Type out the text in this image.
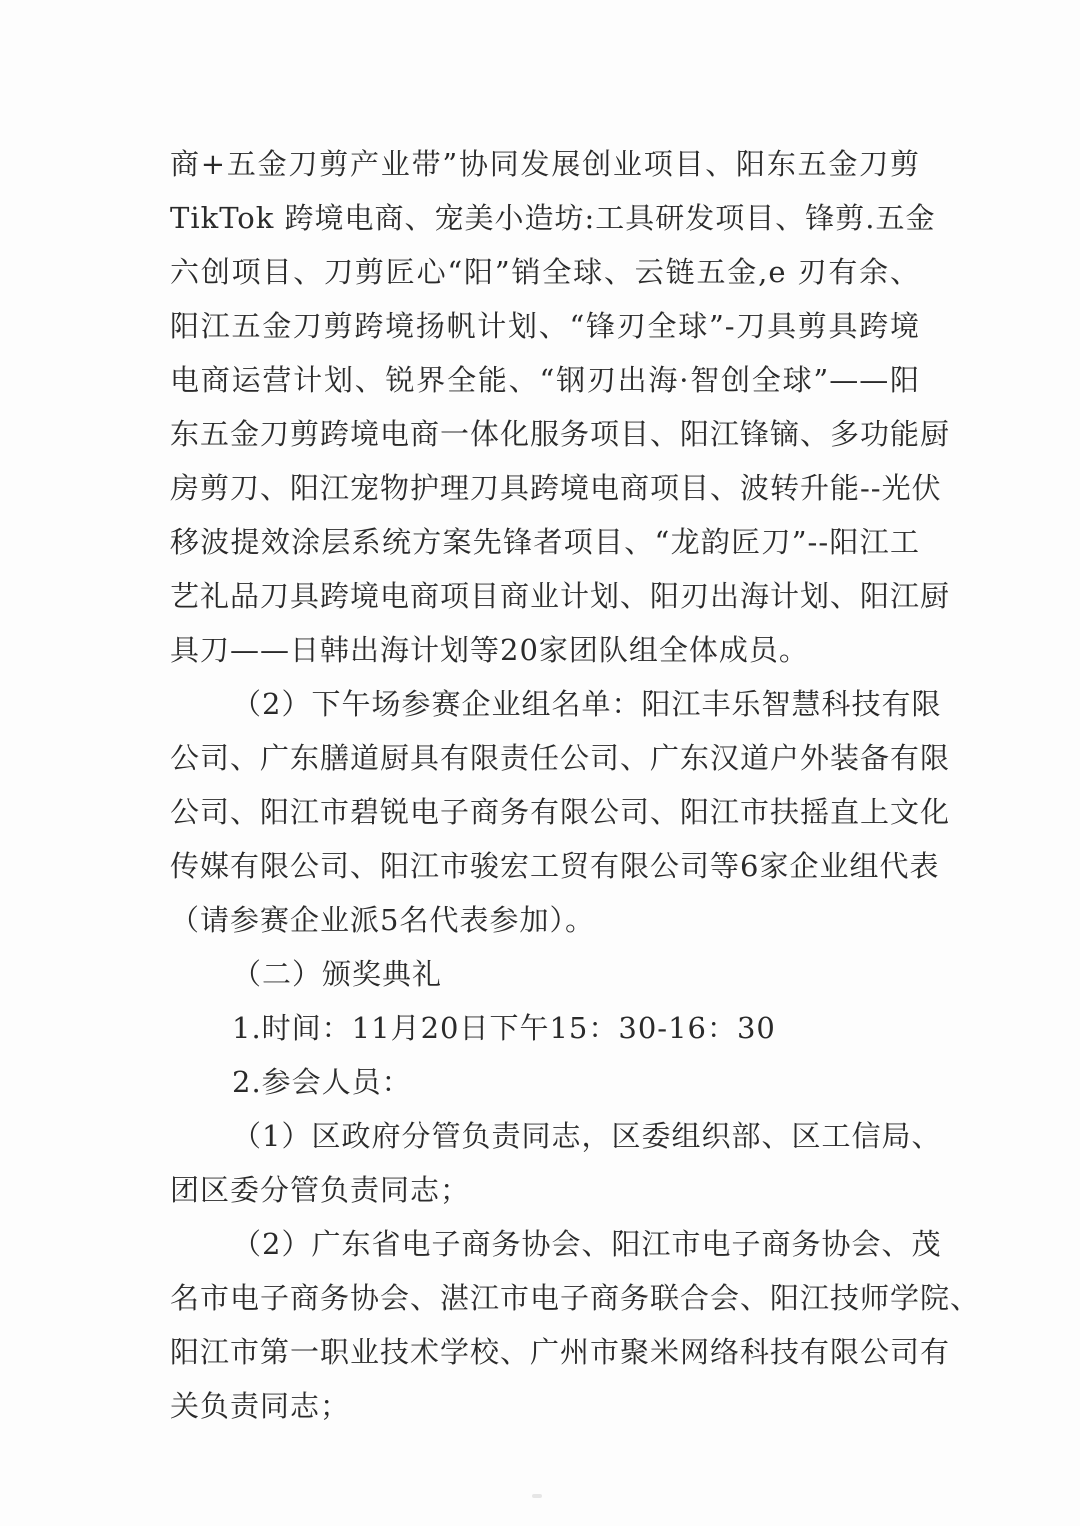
商+五金刀剪产业带”协同发展创业项目、阳东五金刀剪
TikTok 跨境电商、宠美小造坊:工具研发项目、锋剪.五金
六创项目、刀剪匠心“阳”销全球、云链五金,e 刃有余、
阳江五金刀剪跨境扬帆计划、“锋刃全球”-刀具剪具跨境
电商运营计划、锐界全能、“钢刃出海·智创全球”——阳
东五金刀剪跨境电商一体化服务项目、阳江锋镝、多功能厨
房剪刀、阳江宠物护理刀具跨境电商项目、波转升能--光伏
移波提效涂层系统方案先锋者项目、“龙韵匠刀”--阳江工
艺礼品刀具跨境电商项目商业计划、阳刃出海计划、阳江厨
具刀——日韩出海计划等20家团队组全体成员。
（2）下午场参赛企业组名单：阳江丰乐智慧科技有限
公司、广东膳道厨具有限责任公司、广东汉道户外装备有限
公司、阳江市碧锐电子商务有限公司、阳江市扶摇直上文化
传媒有限公司、阳江市骏宏工贸有限公司等6家企业组代表
（请参赛企业派5名代表参加）。
（二）颁奖典礼
1.时间：11月20日下午15：30-16：30
2.参会人员：
（1）区政府分管负责同志，区委组织部、区工信局、
团区委分管负责同志；
（2）广东省电子商务协会、阳江市电子商务协会、茂
名市电子商务协会、湛江市电子商务联合会、阳江技师学院、
阳江市第一职业技术学校、广州市聚米网络科技有限公司有
关负责同志；
